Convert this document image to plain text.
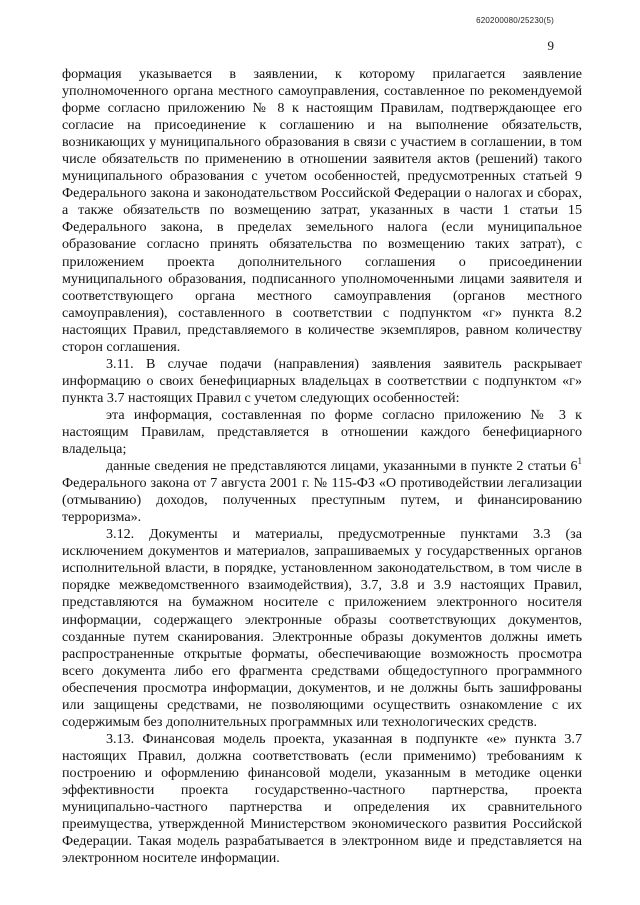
620200080/25230(5)
9

формация указывается в заявлении, к которому прилагается заявление уполномоченного органа местного самоуправления, составленное по рекомендуемой форме согласно приложению № 8 к настоящим Правилам, подтверждающее его согласие на присоединение к соглашению и на выполнение обязательств, возникающих у муниципального образования в связи с участием в соглашении, в том числе обязательств по применению в отношении заявителя актов (решений) такого муниципального образования с учетом особенностей, предусмотренных статьей 9 Федерального закона и законодательством Российской Федерации о налогах и сборах, а также обязательств по возмещению затрат, указанных в части 1 статьи 15 Федерального закона, в пределах земельного налога (если муниципальное образование согласно принять обязательства по возмещению таких затрат), с приложением проекта дополнительного соглашения о присоединении муниципального образования, подписанного уполномоченными лицами заявителя и соответствующего органа местного самоуправления (органов местного самоуправления), составленного в соответствии с подпунктом «г» пункта 8.2 настоящих Правил, представляемого в количестве экземпляров, равном количеству сторон соглашения.

3.11. В случае подачи (направления) заявления заявитель раскрывает информацию о своих бенефициарных владельцах в соответствии с подпунктом «г» пункта 3.7 настоящих Правил с учетом следующих особенностей:

эта информация, составленная по форме согласно приложению № 3 к настоящим Правилам, представляется в отношении каждого бенефициарного владельца;

данные сведения не представляются лицами, указанными в пункте 2 статьи 6$^1$ Федерального закона от 7 августа 2001 г. № 115-ФЗ «О противодействии легализации (отмыванию) доходов, полученных преступным путем, и финансированию терроризма».

3.12. Документы и материалы, предусмотренные пунктами 3.3 (за исключением документов и материалов, запрашиваемых у государственных органов исполнительной власти, в порядке, установленном законодательством, в том числе в порядке межведомственного взаимодействия), 3.7, 3.8 и 3.9 настоящих Правил, представляются на бумажном носителе с приложением электронного носителя информации, содержащего электронные образы соответствующих документов, созданные путем сканирования. Электронные образы документов должны иметь распространенные открытые форматы, обеспечивающие возможность просмотра всего документа либо его фрагмента средствами общедоступного программного обеспечения просмотра информации, документов, и не должны быть зашифрованы или защищены средствами, не позволяющими осуществить ознакомление с их содержимым без дополнительных программных или технологических средств.

3.13. Финансовая модель проекта, указанная в подпункте «е» пункта 3.7 настоящих Правил, должна соответствовать (если применимо) требованиям к построению и оформлению финансовой модели, указанным в методике оценки эффективности проекта государственно-частного партнерства, проекта муниципально-частного партнерства и определения их сравнительного преимущества, утвержденной Министерством экономического развития Российской Федерации. Такая модель разрабатывается в электронном виде и представляется на электронном носителе информации.
